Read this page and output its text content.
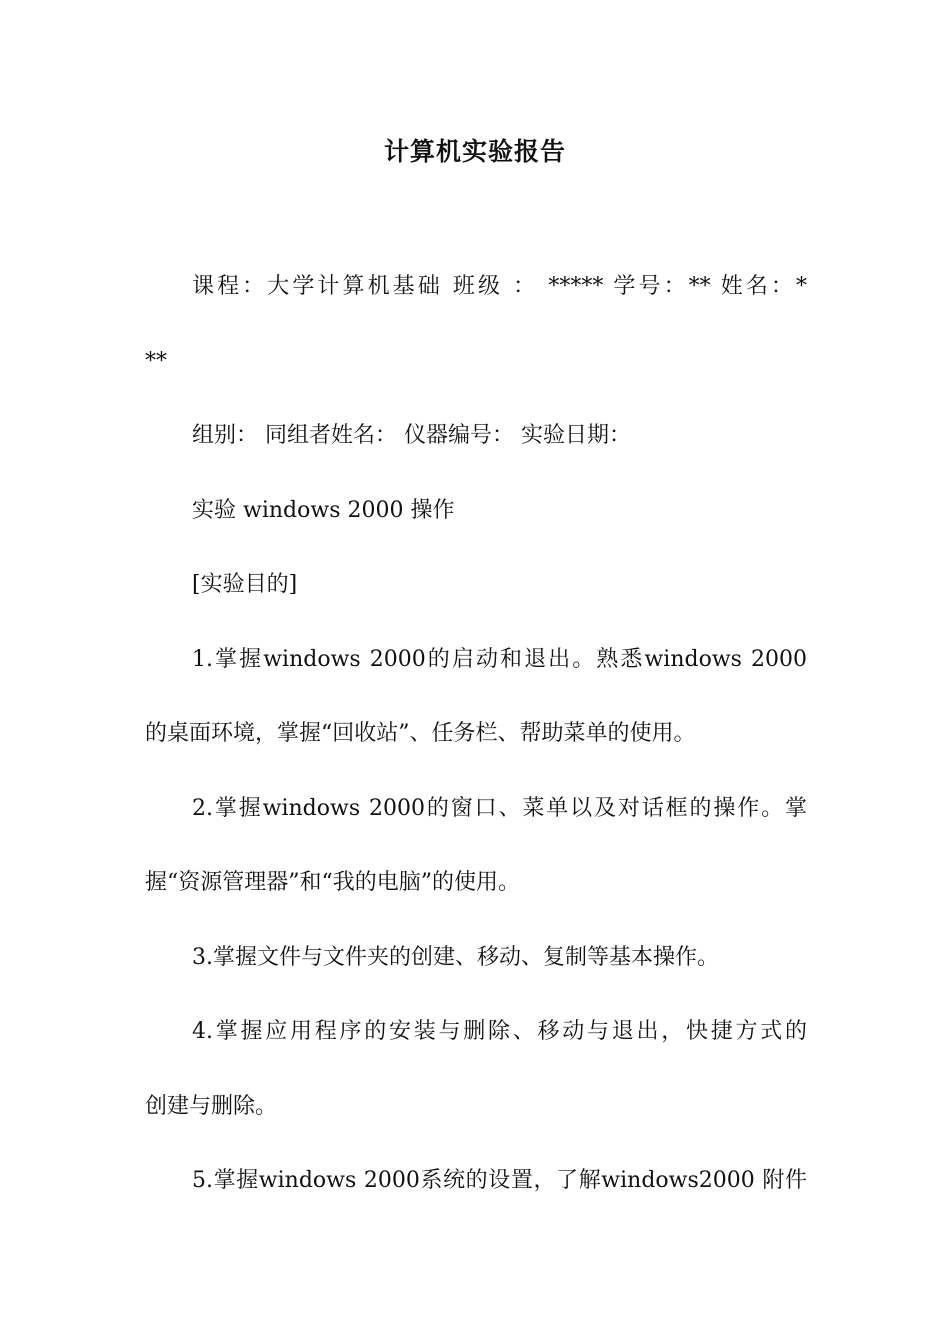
计算机实验报告

课程：大学计算机基础 班级 ： ***** 学号：** 姓名：*

**

组别： 同组者姓名： 仪器编号： 实验日期：

实验 windows 2000 操作

[实验目的]

1.掌握windows 2000的启动和退出。熟悉windows 2000

的桌面环境，掌握“回收站”、任务栏、帮助菜单的使用。

2.掌握windows 2000的窗口、菜单以及对话框的操作。掌

握“资源管理器”和“我的电脑”的使用。

3.掌握文件与文件夹的创建、移动、复制等基本操作。

4.掌握应用程序的安装与删除、移动与退出，快捷方式的

创建与删除。

5.掌握windows 2000系统的设置，了解windows2000 附件
